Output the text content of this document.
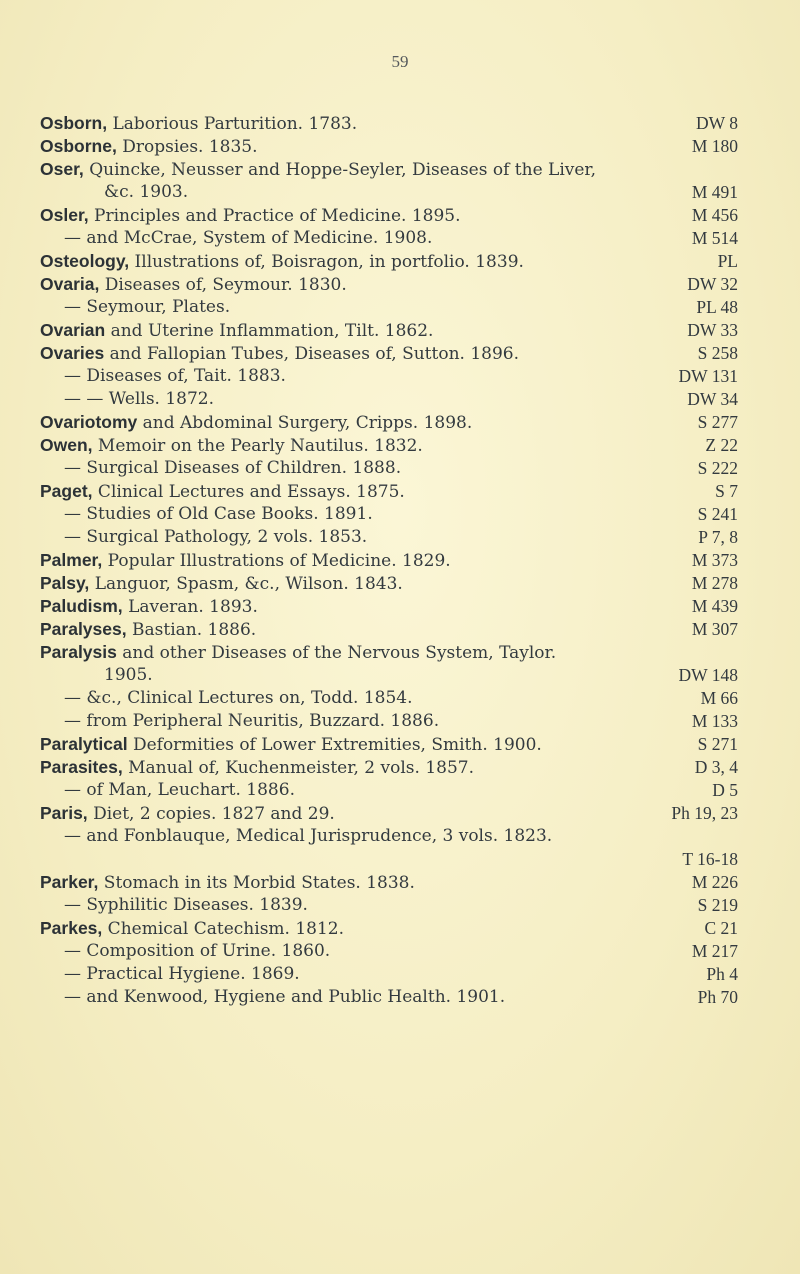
59
Osborn, Laborious Parturition. 1783.	DW 8
Osborne, Dropsies. 1835.	M 180
Oser, Quincke, Neusser and Hoppe-Seyler, Diseases of the Liver,
&c. 1903.	M 491
Osler, Principles and Practice of Medicine. 1895.	M 456
— and McCrae, System of Medicine. 1908.	M 514
Osteology, Illustrations of, Boisragon, in portfolio. 1839.	PL
Ovaria, Diseases of, Seymour. 1830.	DW 32
— Seymour, Plates.	PL 48
Ovarian and Uterine Inflammation, Tilt. 1862.	DW 33
Ovaries and Fallopian Tubes, Diseases of, Sutton. 1896.	S 258
— Diseases of, Tait. 1883.	DW 131
— — Wells. 1872.	DW 34
Ovariotomy and Abdominal Surgery, Cripps. 1898.	S 277
Owen, Memoir on the Pearly Nautilus. 1832.	Z 22
— Surgical Diseases of Children. 1888.	S 222
Paget, Clinical Lectures and Essays. 1875.	S 7
— Studies of Old Case Books. 1891.	S 241
— Surgical Pathology, 2 vols. 1853.	P 7, 8
Palmer, Popular Illustrations of Medicine. 1829.	M 373
Palsy, Languor, Spasm, &c., Wilson. 1843.	M 278
Paludism, Laveran. 1893.	M 439
Paralyses, Bastian. 1886.	M 307
Paralysis and other Diseases of the Nervous System, Taylor.
1905.	DW 148
— &c., Clinical Lectures on, Todd. 1854.	M 66
— from Peripheral Neuritis, Buzzard. 1886.	M 133
Paralytical Deformities of Lower Extremities, Smith. 1900.	S 271
Parasites, Manual of, Kuchenmeister, 2 vols. 1857.	D 3, 4
— of Man, Leuchart. 1886.	D 5
Paris, Diet, 2 copies. 1827 and 29.	Ph 19, 23
— and Fonblauque, Medical Jurisprudence, 3 vols. 1823.
T 16-18
Parker, Stomach in its Morbid States. 1838.	M 226
— Syphilitic Diseases. 1839.	S 219
Parkes, Chemical Catechism. 1812.	C 21
— Composition of Urine. 1860.	M 217
— Practical Hygiene. 1869.	Ph 4
— and Kenwood, Hygiene and Public Health. 1901.	Ph 70
